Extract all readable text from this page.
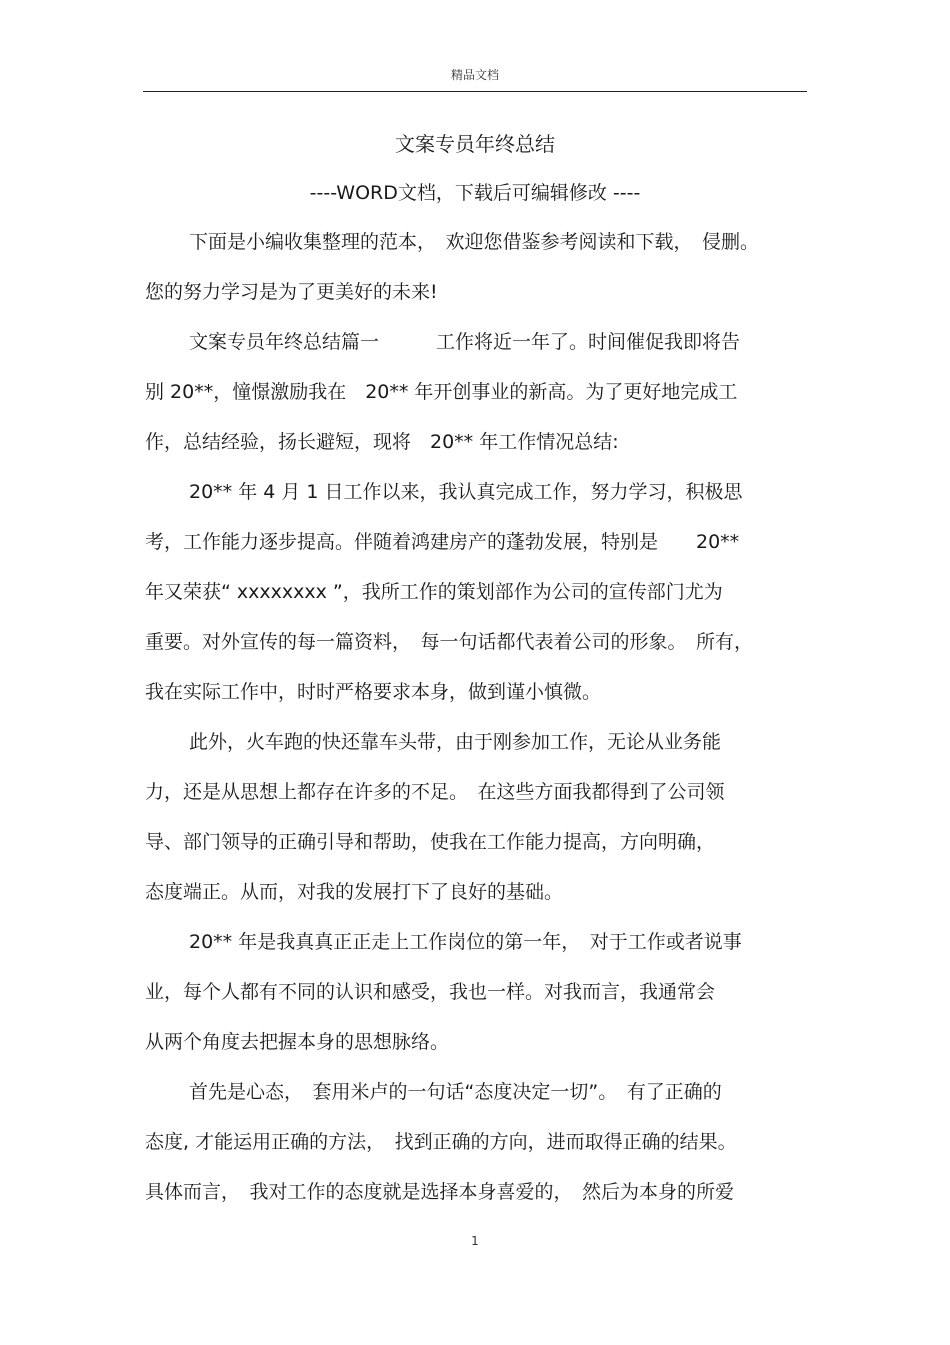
精品文档
文案专员年终总结
----WORD文档，下载后可编辑修改 ----
下面是小编收集整理的范本，　欢迎您借鉴参考阅读和下载，　侵删。
您的努力学习是为了更美好的未来!
文案专员年终总结篇一　　　工作将近一年了。时间催促我即将告
别 20**，憧憬激励我在　20** 年开创事业的新高。为了更好地完成工
作，总结经验，扬长避短，现将　20** 年工作情况总结:
20** 年 4 月 1 日工作以来，我认真完成工作，努力学习，积极思
考，工作能力逐步提高。伴随着鸿建房产的蓬勃发展，特别是　　20**
年又荣获“ xxxxxxxx ”，我所工作的策划部作为公司的宣传部门尤为
重要。对外宣传的每一篇资料，　每一句话都代表着公司的形象。　所有，
我在实际工作中，时时严格要求本身，做到谨小慎微。
此外，火车跑的快还靠车头带，由于刚参加工作，无论从业务能
力，还是从思想上都存在许多的不足。　在这些方面我都得到了公司领
导、部门领导的正确引导和帮助，使我在工作能力提高，方向明确，
态度端正。从而，对我的发展打下了良好的基础。
20** 年是我真真正正走上工作岗位的第一年，　对于工作或者说事
业，每个人都有不同的认识和感受，我也一样。对我而言，我通常会
从两个角度去把握本身的思想脉络。
首先是心态，　套用米卢的一句话“态度决定一切”。　有了正确的
态度, 才能运用正确的方法，　找到正确的方向，进而取得正确的结果。
具体而言，　我对工作的态度就是选择本身喜爱的，　然后为本身的所爱
1
